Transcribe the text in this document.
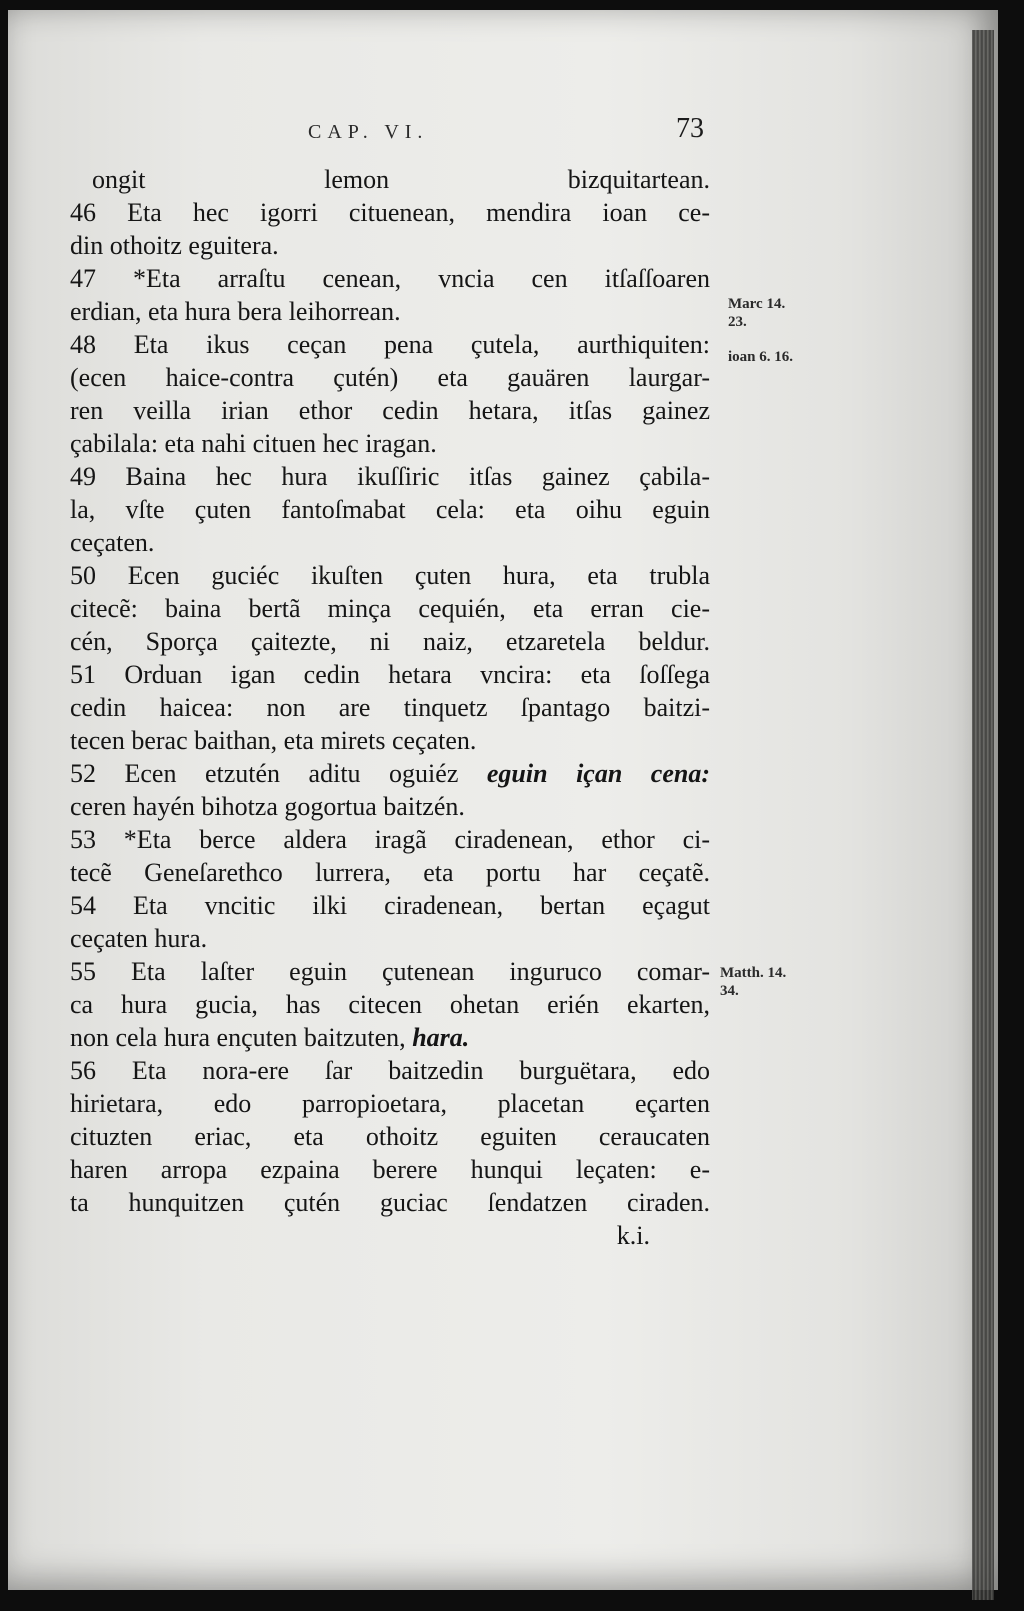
CAP. VI.	73
ongit lemon bizquitartean.
46 Eta hec igorri cituenean, mendira ioan ce-
din othoitz eguitera.
47 *Eta arraſtu cenean, vncia cen itſaſſoaren
erdian, eta hura bera leihorrean.
48 Eta ikus ceçan pena çutela, aurthiquiten:
(ecen haice-contra çutén) eta gauären laurgar-
ren veilla irian ethor cedin hetara, itſas gainez
çabilala: eta nahi cituen hec iragan.
49 Baina hec hura ikuſſiric itſas gainez çabila-
la, vſte çuten fantoſmabat cela: eta oihu eguin
ceçaten.
50 Ecen guciéc ikuſten çuten hura, eta trubla
citecẽ: baina bertã minça cequién, eta erran cie-
cén, Sporça çaitezte, ni naiz, etzaretela beldur.
51 Orduan igan cedin hetara vncira: eta ſoſſega
cedin haicea: non are tinquetz ſpantago baitzi-
tecen berac baithan, eta mirets ceçaten.
52 Ecen etzutén aditu oguiéz eguin içan cena:
ceren hayén bihotza gogortua baitzén.
53 *Eta berce aldera iragã ciradenean, ethor ci-
tecẽ Geneſarethco lurrera, eta portu har ceçatẽ.
54 Eta vncitic ilki ciradenean, bertan eçagut
ceçaten hura.
55 Eta laſter eguin çutenean inguruco comar-
ca hura gucia, has citecen ohetan erién ekarten,
non cela hura ençuten baitzuten, hara.
56 Eta nora-ere ſar baitzedin burguëtara, edo
hirietara, edo parropioetara, placetan eçarten
cituzten eriac, eta othoitz eguiten ceraucaten
haren arropa ezpaina berere hunqui leçaten: e-
ta hunquitzen çutén guciac ſendatzen ciraden.
k.i.
Marc 14.
23.
ioan 6. 16.
Matth. 14.
34.
